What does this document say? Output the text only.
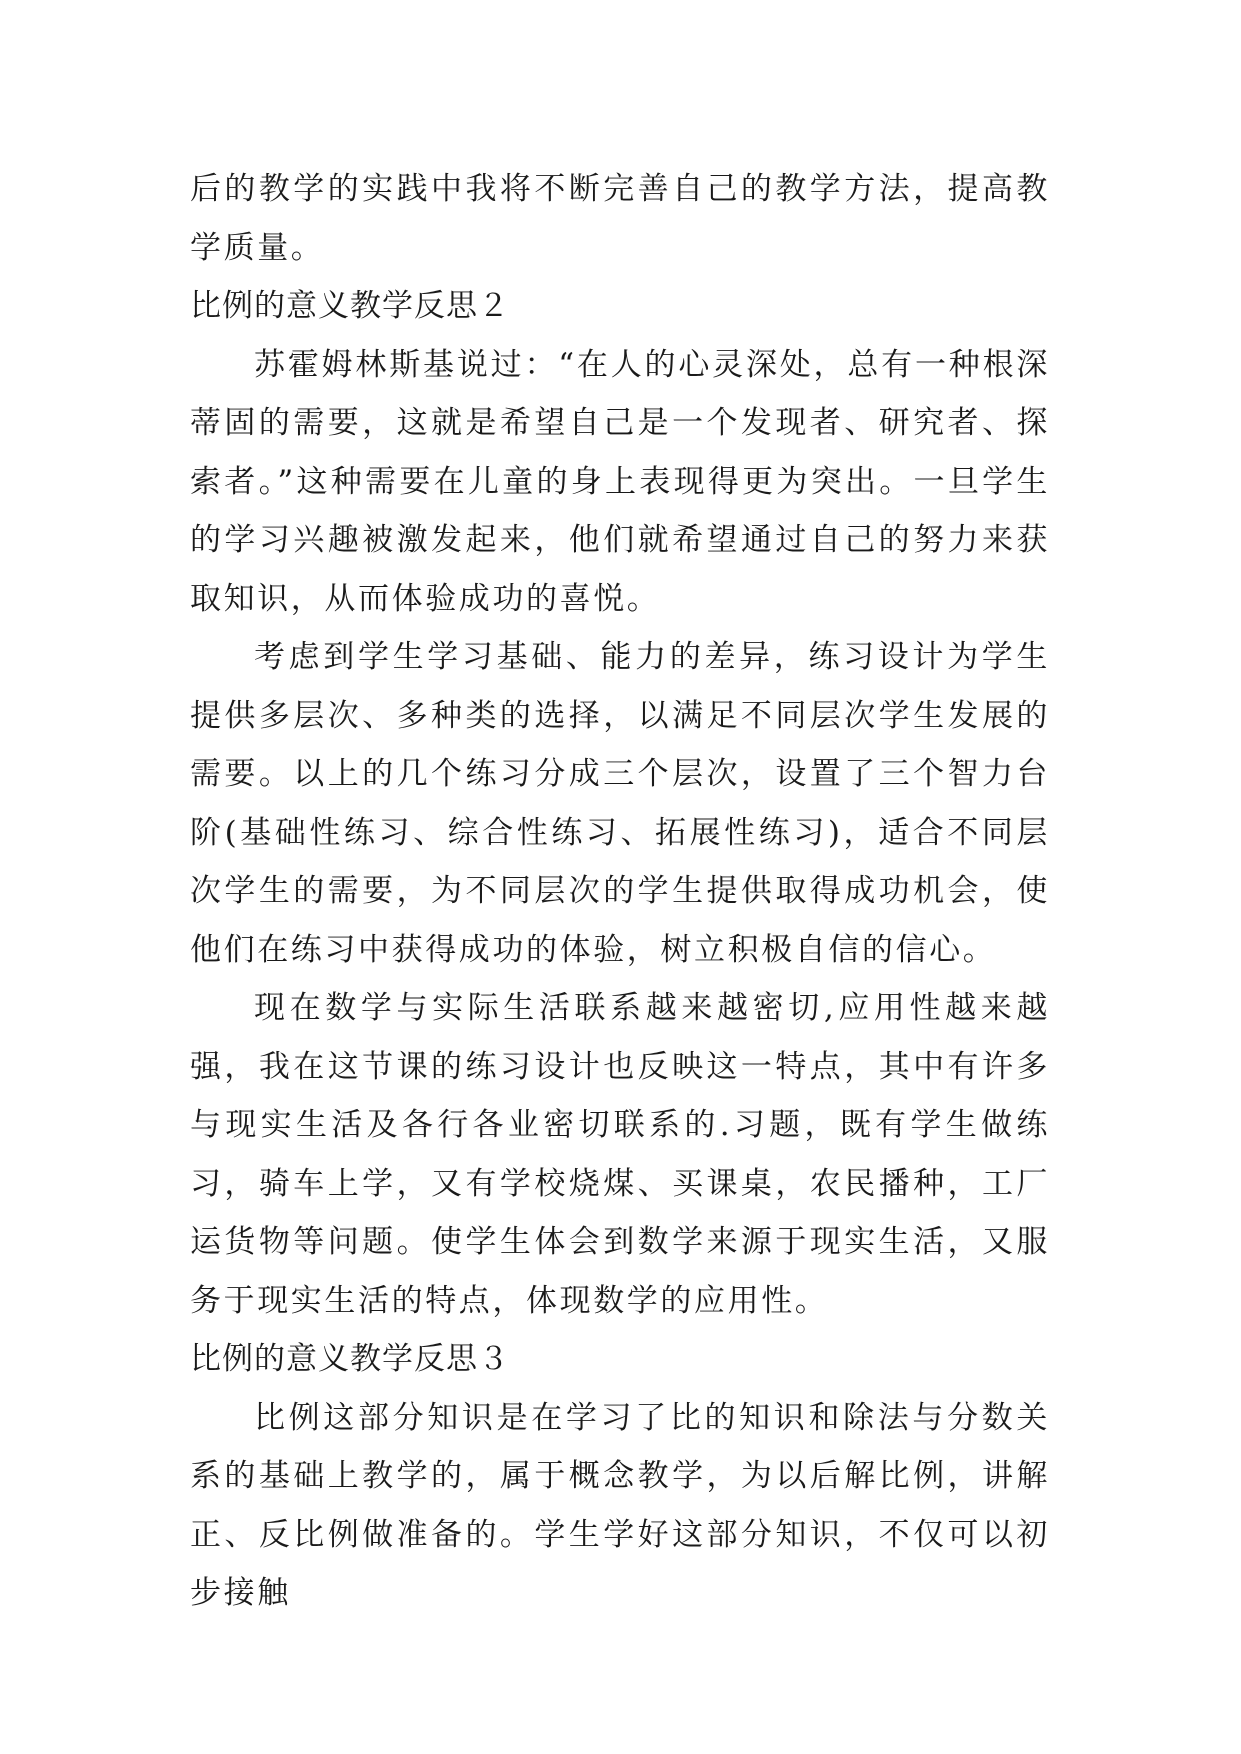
后的教学的实践中我将不断完善自己的教学方法，提高教学质量。

比例的意义教学反思２

苏霍姆林斯基说过：“在人的心灵深处，总有一种根深蒂固的需要，这就是希望自己是一个发现者、研究者、探索者。”这种需要在儿童的身上表现得更为突出。一旦学生的学习兴趣被激发起来，他们就希望通过自己的努力来获取知识，从而体验成功的喜悦。

考虑到学生学习基础、能力的差异，练习设计为学生提供多层次、多种类的选择，以满足不同层次学生发展的需要。以上的几个练习分成三个层次，设置了三个智力台阶(基础性练习、综合性练习、拓展性练习)，适合不同层次学生的需要，为不同层次的学生提供取得成功机会，使他们在练习中获得成功的体验，树立积极自信的信心。

现在数学与实际生活联系越来越密切,应用性越来越强，我在这节课的练习设计也反映这一特点，其中有许多与现实生活及各行各业密切联系的.习题，既有学生做练习，骑车上学，又有学校烧煤、买课桌，农民播种，工厂运货物等问题。使学生体会到数学来源于现实生活，又服务于现实生活的特点，体现数学的应用性。

比例的意义教学反思３

比例这部分知识是在学习了比的知识和除法与分数关系的基础上教学的，属于概念教学，为以后解比例，讲解正、反比例做准备的。学生学好这部分知识，不仅可以初步接触
